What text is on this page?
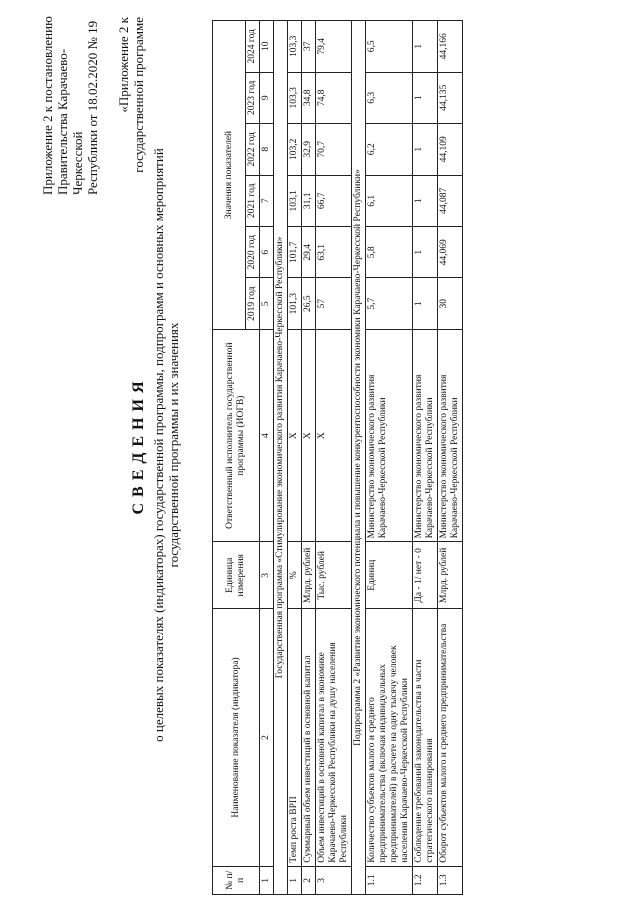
Приложение 2 к постановлению Правительства Карачаево-Черкесской Республики от 18.02.2020 № 19 «Приложение 2 к государственной программе
СВЕДЕНИЯ о целевых показателях (индикаторах) государственной программы, подпрограмм и основных мероприятий государственной программы и их значениях
№ п/п	Наименование показателя (индикатора)	Единица измерения	Ответственный исполнитель государственной программы (ИОГВ)	Значения показателей					
				2019 год	2020 год	2021 год	2022 год	2023 год	2024 год
1	2	3	4	5	6	7	8	9	10
Государственная программа «Стимулирование экономического развития Карачаево-Черкесской Республики»									
1	Темп роста ВРП	%	X	101,3	101,7	103,1	103,2	103,3	103,3
2	Суммарный объем инвестиций в основной капитал	Млрд. рублей	X	26,5	29,4	31,1	32,9	34,8	37
3	Объем инвестиций в основной капитал в экономике Карачаево-Черкесской Республики на душу населения Республики	Тыс. рублей	X	57	63,1	66,7	70,7	74,8	79,4
Подпрограмма 2 «Развитие экономического потенциала и повышение конкурентоспособности экономики Карачаево-Черкесской Республики»									
1.1	Количество субъектов малого и среднего предпринимательства (включая индивидуальных предпринимателей) в расчете на одну тысячу человек населения Карачаево-Черкесской Республики	Единиц	Министерство экономического развития Карачаево-Черкесской Республики	5,7	5,8	6,1	6,2	6,3	6,5
1.2	Соблюдение требований законодательства в части стратегического планирования	Да - 1/ нет - 0	Министерство экономического развития Карачаево-Черкесской Республики	1	1	1	1	1	1
1.3	Оборот субъектов малого и среднего предпринимательства	Млрд. рублей	Министерство экономического развития Карачаево-Черкесской Республики	30	44,069	44,087	44,109	44,135	44,166
